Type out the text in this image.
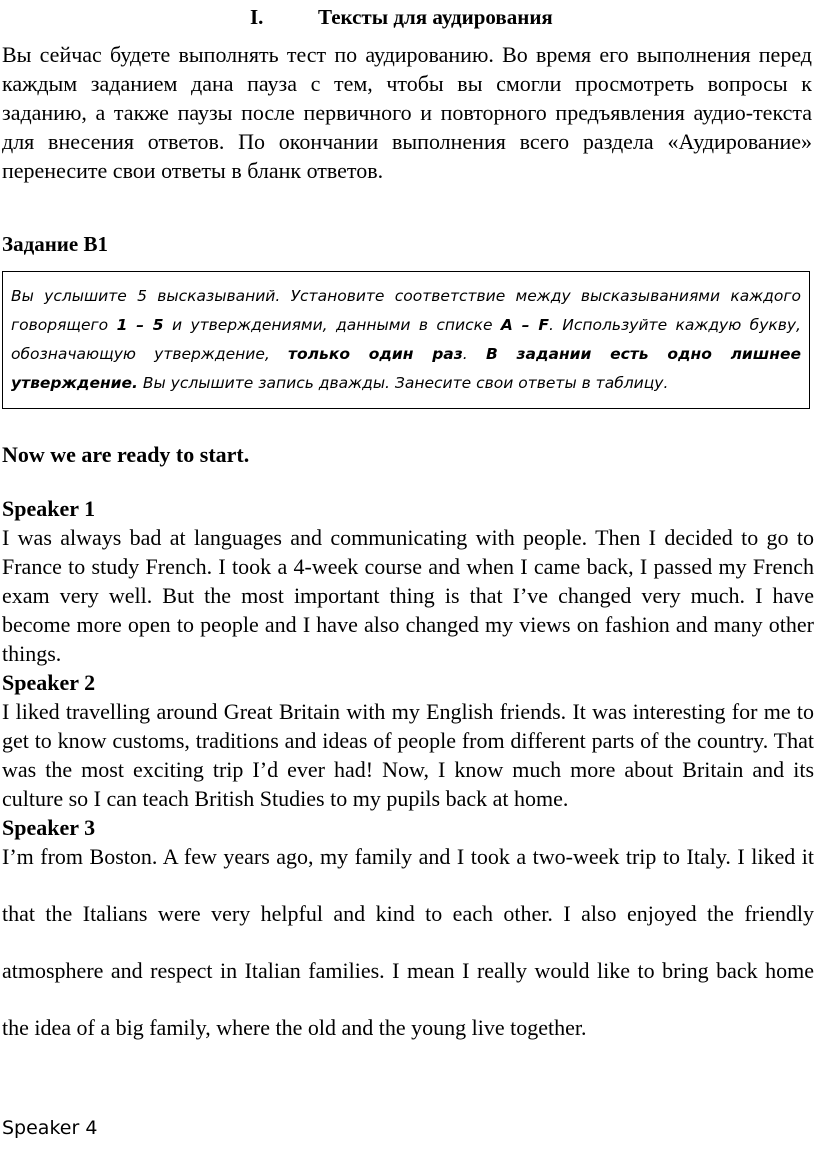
I.	Тексты для аудирования

Вы сейчас будете выполнять тест по аудированию. Во время его выполнения перед каждым заданием дана пауза с тем, чтобы вы смогли просмотреть вопросы к заданию, а также паузы после первичного и повторного предъявления аудио-текста для внесения ответов. По окончании выполнения всего раздела «Аудирование» перенесите свои ответы в бланк ответов.

Задание В1

Вы услышите 5 высказываний. Установите соответствие между высказываниями каждого говорящего 1 – 5 и утверждениями, данными в списке A – F. Используйте каждую букву, обозначающую утверждение, только один раз. В задании есть одно лишнее утверждение. Вы услышите запись дважды. Занесите свои ответы в таблицу.

Now we are ready to start.

Speaker 1

I was always bad at languages and communicating with people. Then I decided to go to France to study French. I took a 4-week course and when I came back, I passed my French exam very well. But the most important thing is that I’ve changed very much. I have become more open to people and I have also changed my views on fashion and many other things.

Speaker 2

I liked travelling around Great Britain with my English friends. It was interesting for me to get to know customs, traditions and ideas of people from different parts of the country. That was the most exciting trip I’d ever had! Now, I know much more about Britain and its culture so I can teach British Studies to my pupils back at home.

Speaker 3

I’m from Boston. A few years ago, my family and I took a two-week trip to Italy. I liked it that the Italians were very helpful and kind to each other. I also enjoyed the friendly atmosphere and respect in Italian families. I mean I really would like to bring back home the idea of a big family, where the old and the young live together.

Speaker 4
